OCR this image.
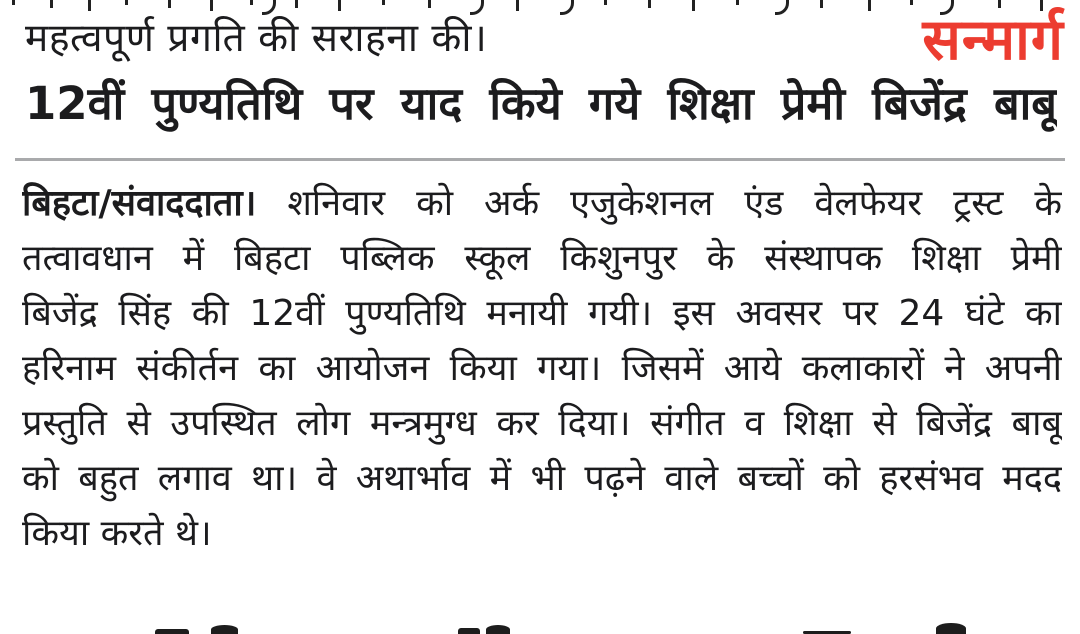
महत्वपूर्ण प्रगति की सराहना की।	सन्मार्ग
12वीं पुण्यतिथि पर याद किये गये शिक्षा प्रेमी बिजेंद्र बाबू
बिहटा/संवाददाता। शनिवार को अर्क एजुकेशनल एंड वेलफेयर ट्रस्ट के
तत्वावधान में बिहटा पब्लिक स्कूल किशुनपुर के संस्थापक शिक्षा प्रेमी
बिजेंद्र सिंह की 12वीं पुण्यतिथि मनायी गयी। इस अवसर पर 24 घंटे का
हरिनाम संकीर्तन का आयोजन किया गया। जिसमें आये कलाकारों ने अपनी
प्रस्तुति से उपस्थित लोग मन्त्रमुग्ध कर दिया। संगीत व शिक्षा से बिजेंद्र बाबू
को बहुत लगाव था। वे अथार्भाव में भी पढ़ने वाले बच्चों को हरसंभव मदद
किया करते थे।
